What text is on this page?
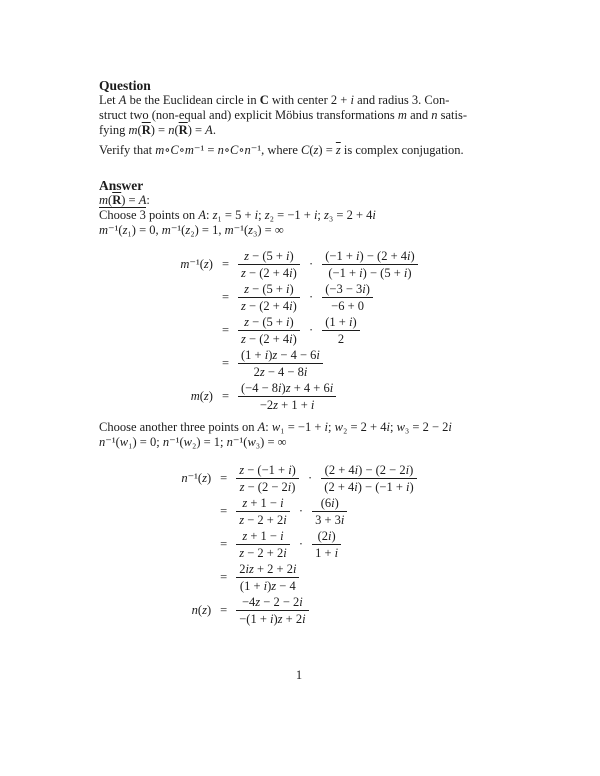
Question
Let A be the Euclidean circle in C with center 2 + i and radius 3. Con-
struct two (non-equal and) explicit Möbius transformations m and n satis-
fying $m(\overline{R}) = n(\overline{R}) = A$.
Verify that m∘C∘m⁻¹ = n∘C∘n⁻¹, where $C(z) = \overline{z}$ is complex conjugation.
Answer
$m(\overline{R}) = A$:
Choose 3 points on A: z₁ = 5 + i; z₂ = −1 + i; z₃ = 2 + 4i
m⁻¹(z₁) = 0, m⁻¹(z₂) = 1, m⁻¹(z₃) = ∞
m⁻¹(z)	=	$\frac{z - (5 + i)}{z - (2 + 4i)} \cdot \frac{(-1 + i) - (2 + 4i)}{(-1 + i) - (5 + i)}$

	=	$\frac{z - (5 + i)}{z - (2 + 4i)} \cdot \frac{(-3 - 3i)}{-6 + 0}$

	=	$\frac{z - (5 + i)}{z - (2 + 4i)} \cdot \frac{(1 + i)}{2}$

	=	$\frac{(1 + i)z - 4 - 6i}{2z - 4 - 8i}$

m(z)	=	$\frac{(-4 - 8i)z + 4 + 6i}{-2z + 1 + i}$
Choose another three points on A: w₁ = −1 + i; w₂ = 2 + 4i; w₃ = 2 − 2i
n⁻¹(w₁) = 0; n⁻¹(w₂) = 1; n⁻¹(w₃) = ∞
n⁻¹(z)	=	$\frac{z - (-1 + i)}{z - (2 - 2i)} \cdot \frac{(2 + 4i) - (2 - 2i)}{(2 + 4i) - (-1 + i)}$

	=	$\frac{z + 1 - i}{z - 2 + 2i} \cdot \frac{(6i)}{3 + 3i}$

	=	$\frac{z + 1 - i}{z - 2 + 2i} \cdot \frac{(2i)}{1 + i}$

	=	$\frac{2iz + 2 + 2i}{(1 + i)z - 4}$

n(z)	=	$\frac{-4z - 2 - 2i}{-(1 + i)z + 2i}$
1
